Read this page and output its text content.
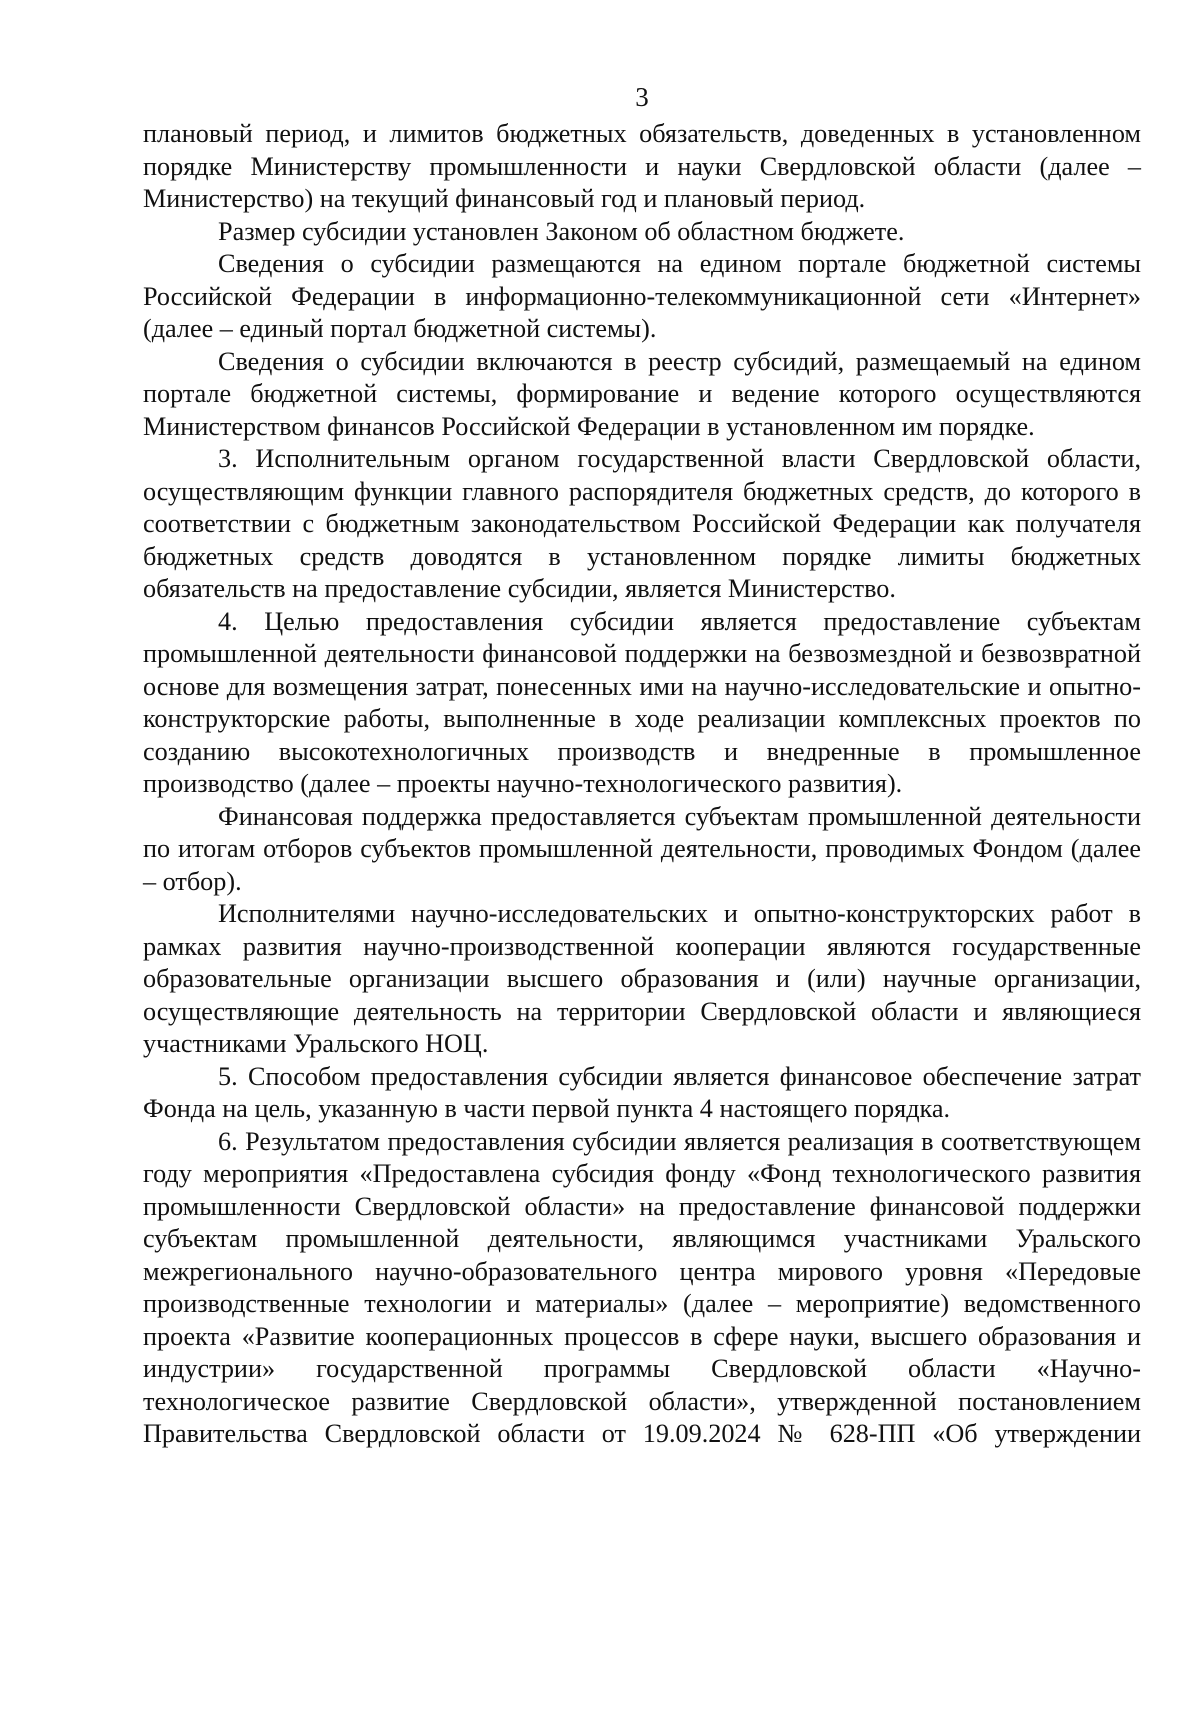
3

плановый период, и лимитов бюджетных обязательств, доведенных в установленном порядке Министерству промышленности и науки Свердловской области (далее – Министерство) на текущий финансовый год и плановый период.

Размер субсидии установлен Законом об областном бюджете.

Сведения о субсидии размещаются на едином портале бюджетной системы Российской Федерации в информационно-телекоммуникационной сети «Интернет» (далее – единый портал бюджетной системы).

Сведения о субсидии включаются в реестр субсидий, размещаемый на едином портале бюджетной системы, формирование и ведение которого осуществляются Министерством финансов Российской Федерации в установленном им порядке.

3. Исполнительным органом государственной власти Свердловской области, осуществляющим функции главного распорядителя бюджетных средств, до которого в соответствии с бюджетным законодательством Российской Федерации как получателя бюджетных средств доводятся в установленном порядке лимиты бюджетных обязательств на предоставление субсидии, является Министерство.

4. Целью предоставления субсидии является предоставление субъектам промышленной деятельности финансовой поддержки на безвозмездной и безвозвратной основе для возмещения затрат, понесенных ими на научно-исследовательские и опытно-конструкторские работы, выполненные в ходе реализации комплексных проектов по созданию высокотехнологичных производств и внедренные в промышленное производство (далее – проекты научно-технологического развития).

Финансовая поддержка предоставляется субъектам промышленной деятельности по итогам отборов субъектов промышленной деятельности, проводимых Фондом (далее – отбор).

Исполнителями научно-исследовательских и опытно-конструкторских работ в рамках развития научно-производственной кооперации являются государственные образовательные организации высшего образования и (или) научные организации, осуществляющие деятельность на территории Свердловской области и являющиеся участниками Уральского НОЦ.

5. Способом предоставления субсидии является финансовое обеспечение затрат Фонда на цель, указанную в части первой пункта 4 настоящего порядка.

6. Результатом предоставления субсидии является реализация в соответствующем году мероприятия «Предоставлена субсидия фонду «Фонд технологического развития промышленности Свердловской области» на предоставление финансовой поддержки субъектам промышленной деятельности, являющимся участниками Уральского межрегионального научно-образовательного центра мирового уровня «Передовые производственные технологии и материалы» (далее – мероприятие) ведомственного проекта «Развитие кооперационных процессов в сфере науки, высшего образования и индустрии» государственной программы Свердловской области «Научно-технологическое развитие Свердловской области», утвержденной постановлением Правительства Свердловской области от 19.09.2024 № 628-ПП «Об утверждении
